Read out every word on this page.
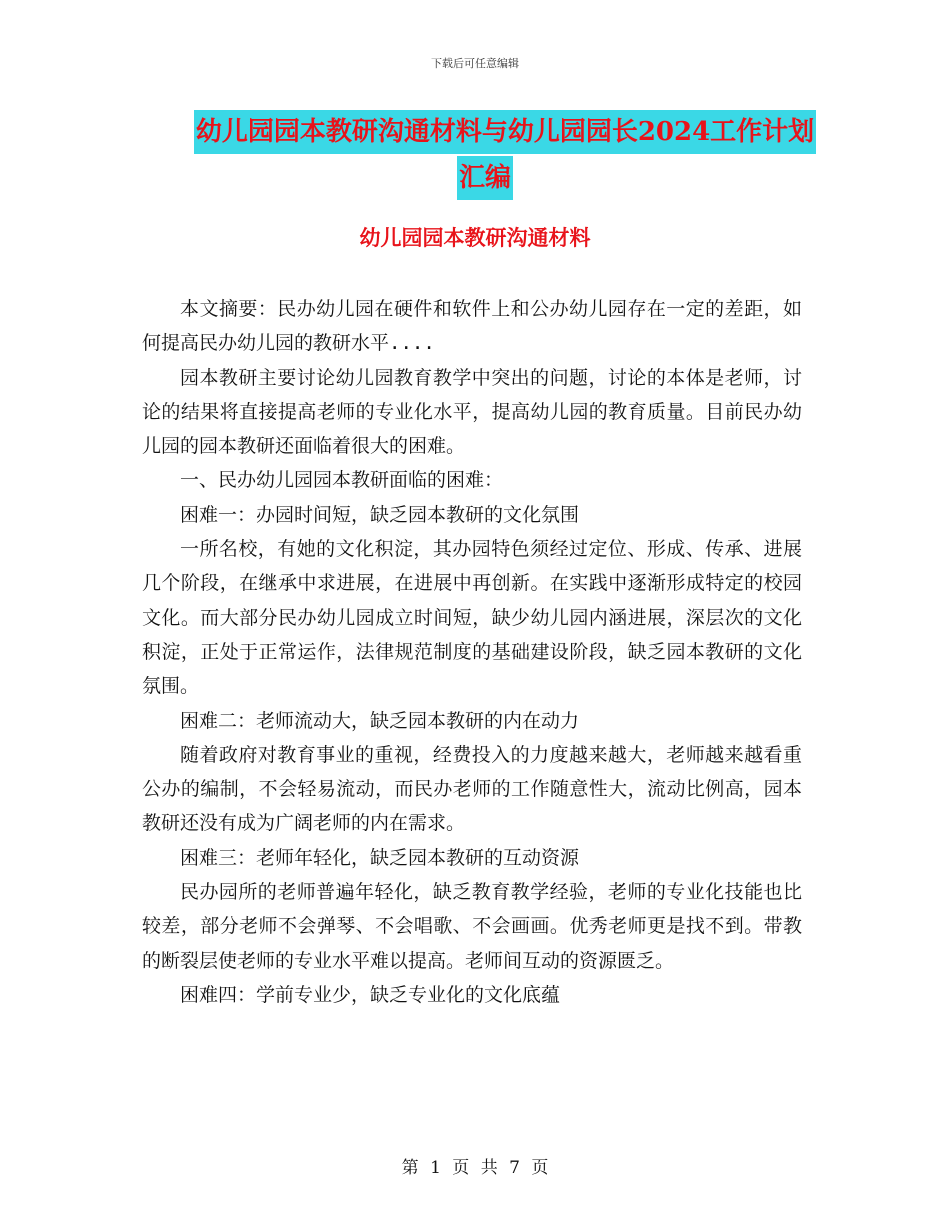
下载后可任意编辑
幼儿园园本教研沟通材料与幼儿园园长2024工作计划
汇编
幼儿园园本教研沟通材料

本文摘要：民办幼儿园在硬件和软件上和公办幼儿园存在一定的差距，如何提高民办幼儿园的教研水平....

园本教研主要讨论幼儿园教育教学中突出的问题，讨论的本体是老师，讨论的结果将直接提高老师的专业化水平，提高幼儿园的教育质量。目前民办幼儿园的园本教研还面临着很大的困难。

一、民办幼儿园园本教研面临的困难：

困难一：办园时间短，缺乏园本教研的文化氛围

一所名校，有她的文化积淀，其办园特色须经过定位、形成、传承、进展几个阶段，在继承中求进展，在进展中再创新。在实践中逐渐形成特定的校园文化。而大部分民办幼儿园成立时间短，缺少幼儿园内涵进展，深层次的文化积淀，正处于正常运作，法律规范制度的基础建设阶段，缺乏园本教研的文化氛围。

困难二：老师流动大，缺乏园本教研的内在动力

随着政府对教育事业的重视，经费投入的力度越来越大，老师越来越看重公办的编制，不会轻易流动，而民办老师的工作随意性大，流动比例高，园本教研还没有成为广阔老师的内在需求。

困难三：老师年轻化，缺乏园本教研的互动资源

民办园所的老师普遍年轻化，缺乏教育教学经验，老师的专业化技能也比较差，部分老师不会弹琴、不会唱歌、不会画画。优秀老师更是找不到。带教的断裂层使老师的专业水平难以提高。老师间互动的资源匮乏。

困难四：学前专业少，缺乏专业化的文化底蕴

第 1 页 共 7 页
